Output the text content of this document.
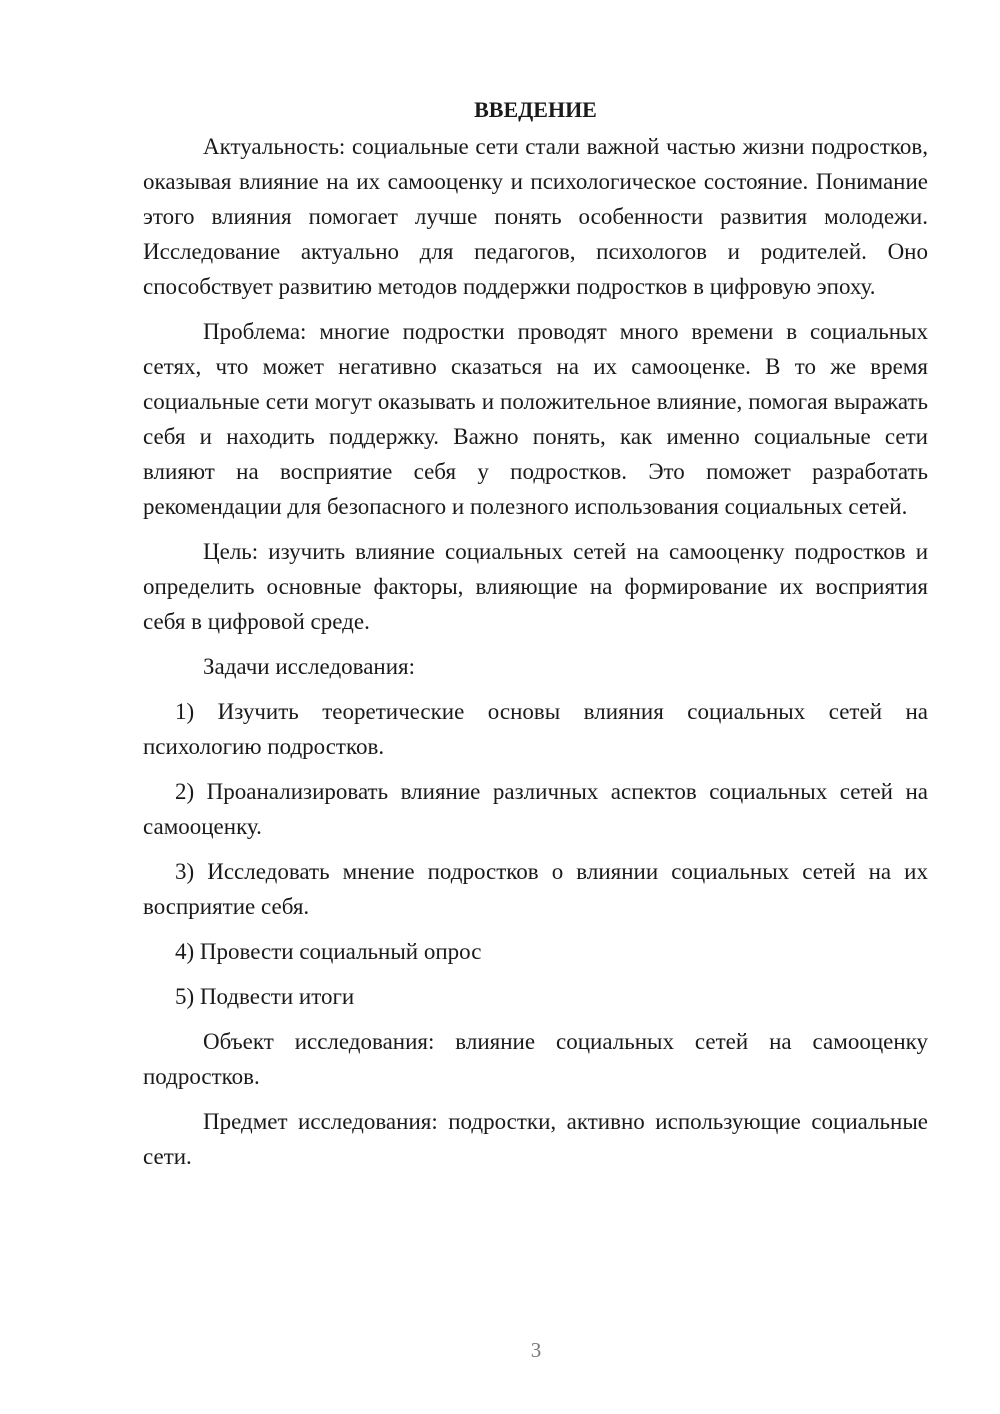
ВВЕДЕНИЕ

Актуальность: социальные сети стали важной частью жизни подростков, оказывая влияние на их самооценку и психологическое состояние. Понимание этого влияния помогает лучше понять особенности развития молодежи. Исследование актуально для педагогов, психологов и родителей. Оно способствует развитию методов поддержки подростков в цифровую эпоху.

Проблема: многие подростки проводят много времени в социальных сетях, что может негативно сказаться на их самооценке. В то же время социальные сети могут оказывать и положительное влияние, помогая выражать себя и находить поддержку. Важно понять, как именно социальные сети влияют на восприятие себя у подростков. Это поможет разработать рекомендации для безопасного и полезного использования социальных сетей.

Цель: изучить влияние социальных сетей на самооценку подростков и определить основные факторы, влияющие на формирование их восприятия себя в цифровой среде.

Задачи исследования:

1) Изучить теоретические основы влияния социальных сетей на психологию подростков.

2) Проанализировать влияние различных аспектов социальных сетей на самооценку.

3) Исследовать мнение подростков о влиянии социальных сетей на их восприятие себя.

4) Провести социальный опрос

5) Подвести итоги

Объект исследования: влияние социальных сетей на самооценку подростков.

Предмет исследования: подростки, активно использующие социальные сети.

3
